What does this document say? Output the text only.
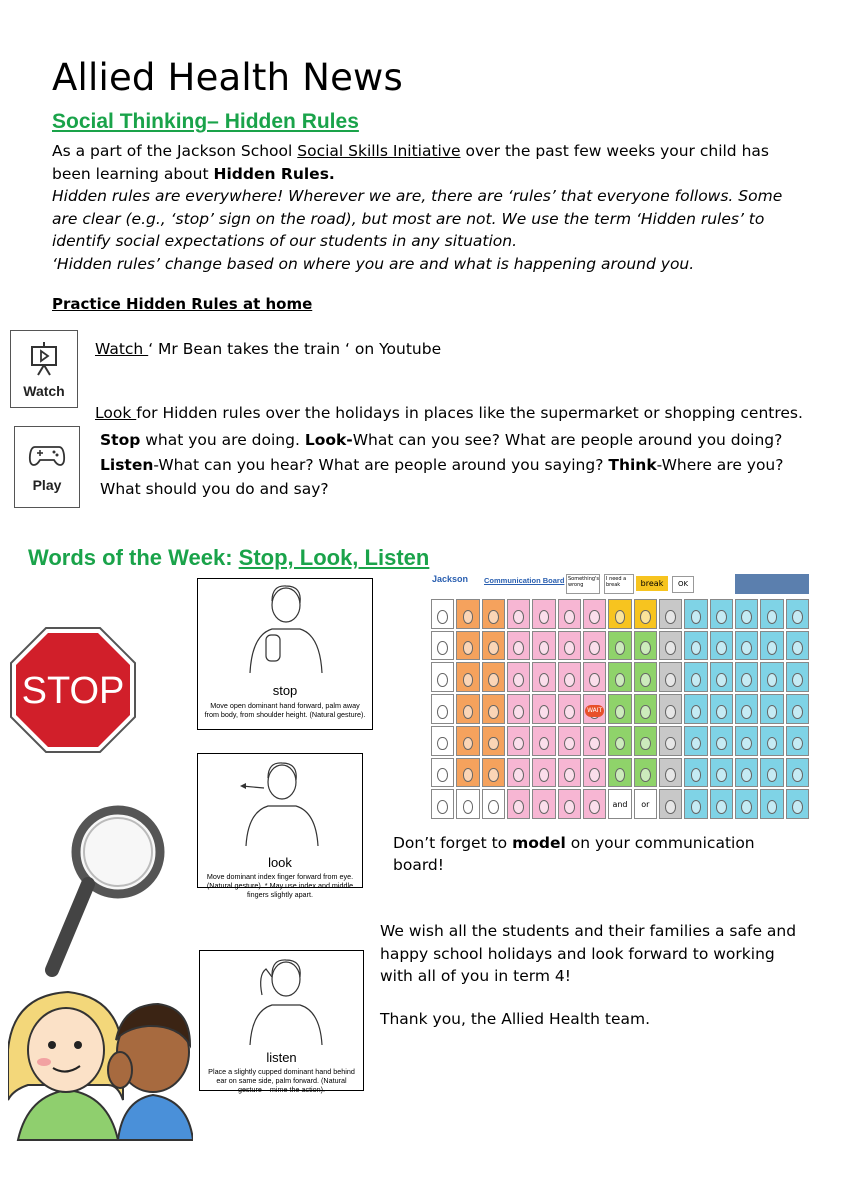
Allied Health News
Social Thinking– Hidden Rules

As a part of the Jackson School Social Skills Initiative over the past few weeks your child has been learning about Hidden Rules.

Hidden rules are everywhere! Wherever we are, there are ‘rules’ that everyone follows. Some are clear (e.g., ‘stop’ sign on the road), but most are not. We use the term ‘Hidden rules’ to identify social expectations of our students in any situation.

‘Hidden rules’ change based on where you are and what is happening around you.

Practice Hidden Rules at home
Watch
Play
Watch ‘ Mr Bean takes the train ‘ on Youtube
Look for Hidden rules over the holidays in places like the supermarket or shopping centres.
Stop what you are doing. Look-What can you see? What are people around you doing? Listen-What can you hear? What are people around you saying? Think-Where are you? What should you do and say?
Words of the Week: Stop, Look, Listen
STOP	stop
Move open dominant hand forward, palm away from body, from shoulder height. (Natural gesture).
look
Move dominant index finger forward from eye. (Natural gesture). * May use index and middle fingers slightly apart.
listen
Place a slightly cupped dominant hand behind ear on same side, palm forward. (Natural gesture – mime the action).
Jackson Communication Board Something's wrong
I need a break	break	OK
WAIT
and	or
Don’t forget to model on your communication board!
We wish all the students and their families a safe and happy school holidays and look forward to working with all of you in term 4!
Thank you, the Allied Health team.
